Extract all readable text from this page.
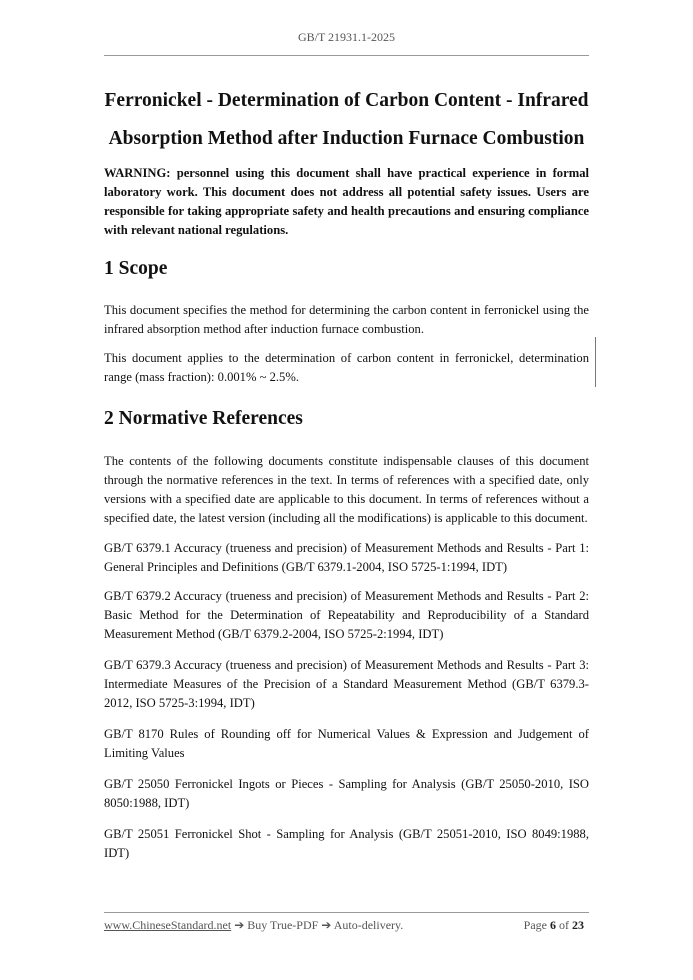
GB/T 21931.1-2025
Ferronickel - Determination of Carbon Content - Infrared
Absorption Method after Induction Furnace Combustion

WARNING: personnel using this document shall have practical experience in formal laboratory work. This document does not address all potential safety issues. Users are responsible for taking appropriate safety and health precautions and ensuring compliance with relevant national regulations.

1 Scope

This document specifies the method for determining the carbon content in ferronickel using the infrared absorption method after induction furnace combustion.

This document applies to the determination of carbon content in ferronickel, determination range (mass fraction): 0.001% ~ 2.5%.

2 Normative References

The contents of the following documents constitute indispensable clauses of this document through the normative references in the text. In terms of references with a specified date, only versions with a specified date are applicable to this document. In terms of references without a specified date, the latest version (including all the modifications) is applicable to this document.

GB/T 6379.1 Accuracy (trueness and precision) of Measurement Methods and Results - Part 1: General Principles and Definitions (GB/T 6379.1-2004, ISO 5725-1:1994, IDT)

GB/T 6379.2 Accuracy (trueness and precision) of Measurement Methods and Results - Part 2: Basic Method for the Determination of Repeatability and Reproducibility of a Standard Measurement Method (GB/T 6379.2-2004, ISO 5725-2:1994, IDT)

GB/T 6379.3 Accuracy (trueness and precision) of Measurement Methods and Results - Part 3: Intermediate Measures of the Precision of a Standard Measurement Method (GB/T 6379.3-2012, ISO 5725-3:1994, IDT)

GB/T 8170 Rules of Rounding off for Numerical Values & Expression and Judgement of Limiting Values

GB/T 25050 Ferronickel Ingots or Pieces - Sampling for Analysis (GB/T 25050-2010, ISO 8050:1988, IDT)

GB/T 25051 Ferronickel Shot - Sampling for Analysis (GB/T 25051-2010, ISO 8049:1988, IDT)

www.ChineseStandard.net ➔ Buy True-PDF ➔ Auto-delivery.	Page 6 of 23
